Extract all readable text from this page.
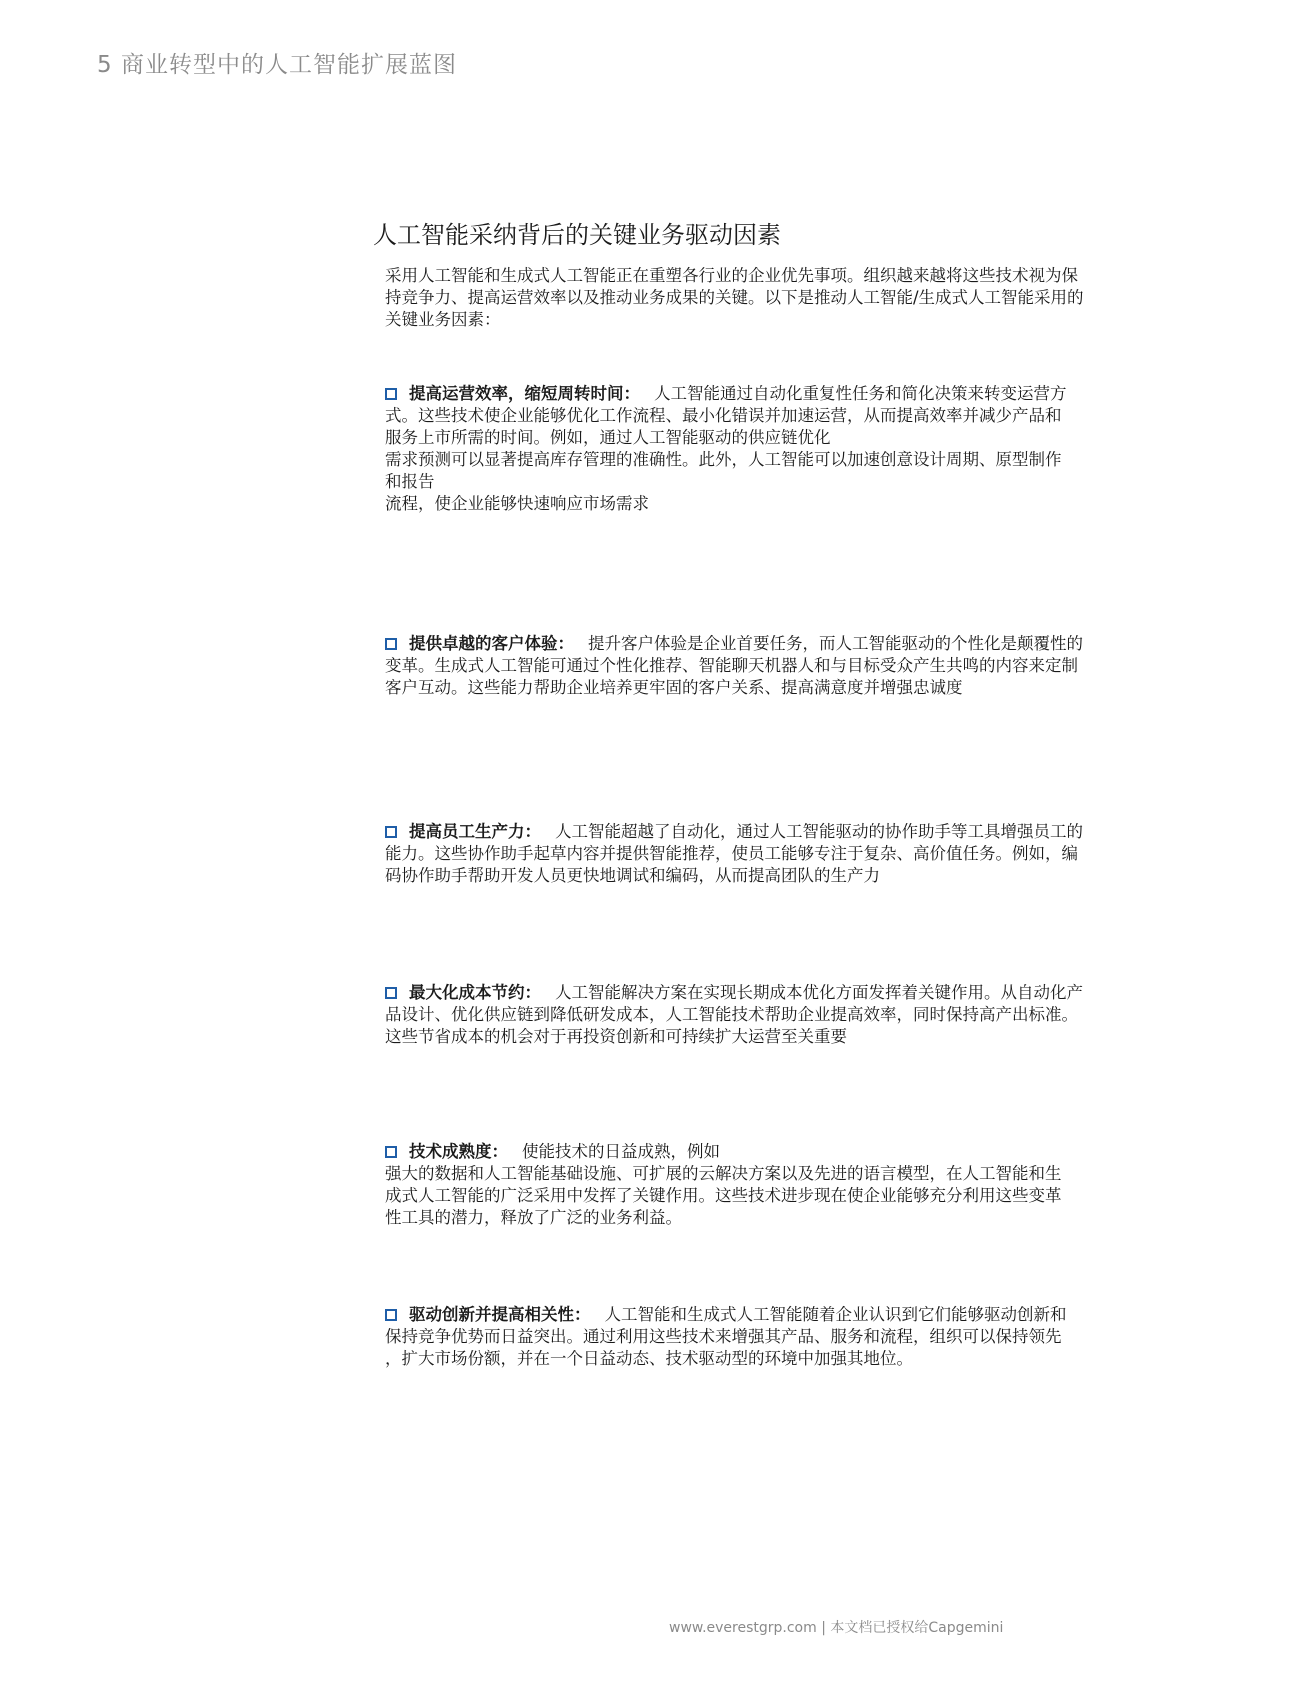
5 商业转型中的人工智能扩展蓝图
人工智能采纳背后的关键业务驱动因素

采用人工智能和生成式人工智能正在重塑各行业的企业优先事项。组织越来越将这些技术视为保
持竞争力、提高运营效率以及推动业务成果的关键。以下是推动人工智能/生成式人工智能采用的
关键业务因素：

提高运营效率，缩短周转时间： 人工智能通过自动化重复性任务和简化决策来转变运营方
式。这些技术使企业能够优化工作流程、最小化错误并加速运营，从而提高效率并减少产品和
服务上市所需的时间。例如，通过人工智能驱动的供应链优化
需求预测可以显著提高库存管理的准确性。此外，人工智能可以加速创意设计周期、原型制作
和报告
流程，使企业能够快速响应市场需求

提供卓越的客户体验： 提升客户体验是企业首要任务，而人工智能驱动的个性化是颠覆性的
变革。生成式人工智能可通过个性化推荐、智能聊天机器人和与目标受众产生共鸣的内容来定制
客户互动。这些能力帮助企业培养更牢固的客户关系、提高满意度并增强忠诚度

提高员工生产力： 人工智能超越了自动化，通过人工智能驱动的协作助手等工具增强员工的
能力。这些协作助手起草内容并提供智能推荐，使员工能够专注于复杂、高价值任务。例如，编
码协作助手帮助开发人员更快地调试和编码，从而提高团队的生产力

最大化成本节约： 人工智能解决方案在实现长期成本优化方面发挥着关键作用。从自动化产
品设计、优化供应链到降低研发成本，人工智能技术帮助企业提高效率，同时保持高产出标准。
这些节省成本的机会对于再投资创新和可持续扩大运营至关重要

技术成熟度： 使能技术的日益成熟，例如
强大的数据和人工智能基础设施、可扩展的云解决方案以及先进的语言模型，在人工智能和生
成式人工智能的广泛采用中发挥了关键作用。这些技术进步现在使企业能够充分利用这些变革
性工具的潜力，释放了广泛的业务利益。

驱动创新并提高相关性： 人工智能和生成式人工智能随着企业认识到它们能够驱动创新和
保持竞争优势而日益突出。通过利用这些技术来增强其产品、服务和流程，组织可以保持领先
，扩大市场份额，并在一个日益动态、技术驱动型的环境中加强其地位。

www.everestgrp.com | 本文档已授权给Capgemini
